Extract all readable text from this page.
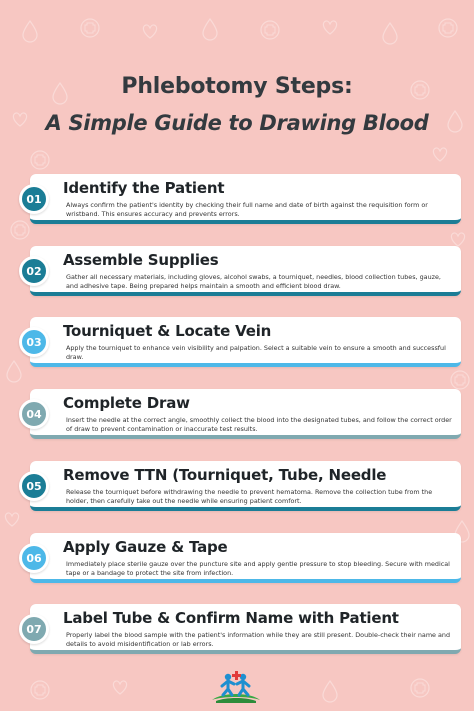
Phlebotomy Steps:
A Simple Guide to Drawing Blood
Identify the Patient
Always confirm the patient's identity by checking their full name and date of birth against the requisition form or wristband. This ensures accuracy and prevents errors.
01
Assemble Supplies
Gather all necessary materials, including gloves, alcohol swabs, a tourniquet, needles, blood collection tubes, gauze, and adhesive tape. Being prepared helps maintain a smooth and efficient blood draw.
02
Tourniquet & Locate Vein
Apply the tourniquet to enhance vein visibility and palpation. Select a suitable vein to ensure a smooth and successful draw.
03
Complete Draw
Insert the needle at the correct angle, smoothly collect the blood into the designated tubes, and follow the correct order of draw to prevent contamination or inaccurate test results.
04
Remove TTN (Tourniquet, Tube, Needle
Release the tourniquet before withdrawing the needle to prevent hematoma. Remove the collection tube from the holder, then carefully take out the needle while ensuring patient comfort.
05
Apply Gauze & Tape
Immediately place sterile gauze over the puncture site and apply gentle pressure to stop bleeding. Secure with medical tape or a bandage to protect the site from infection.
06
Label Tube & Confirm Name with Patient
Properly label the blood sample with the patient's information while they are still present. Double-check their name and details to avoid misidentification or lab errors.
07
